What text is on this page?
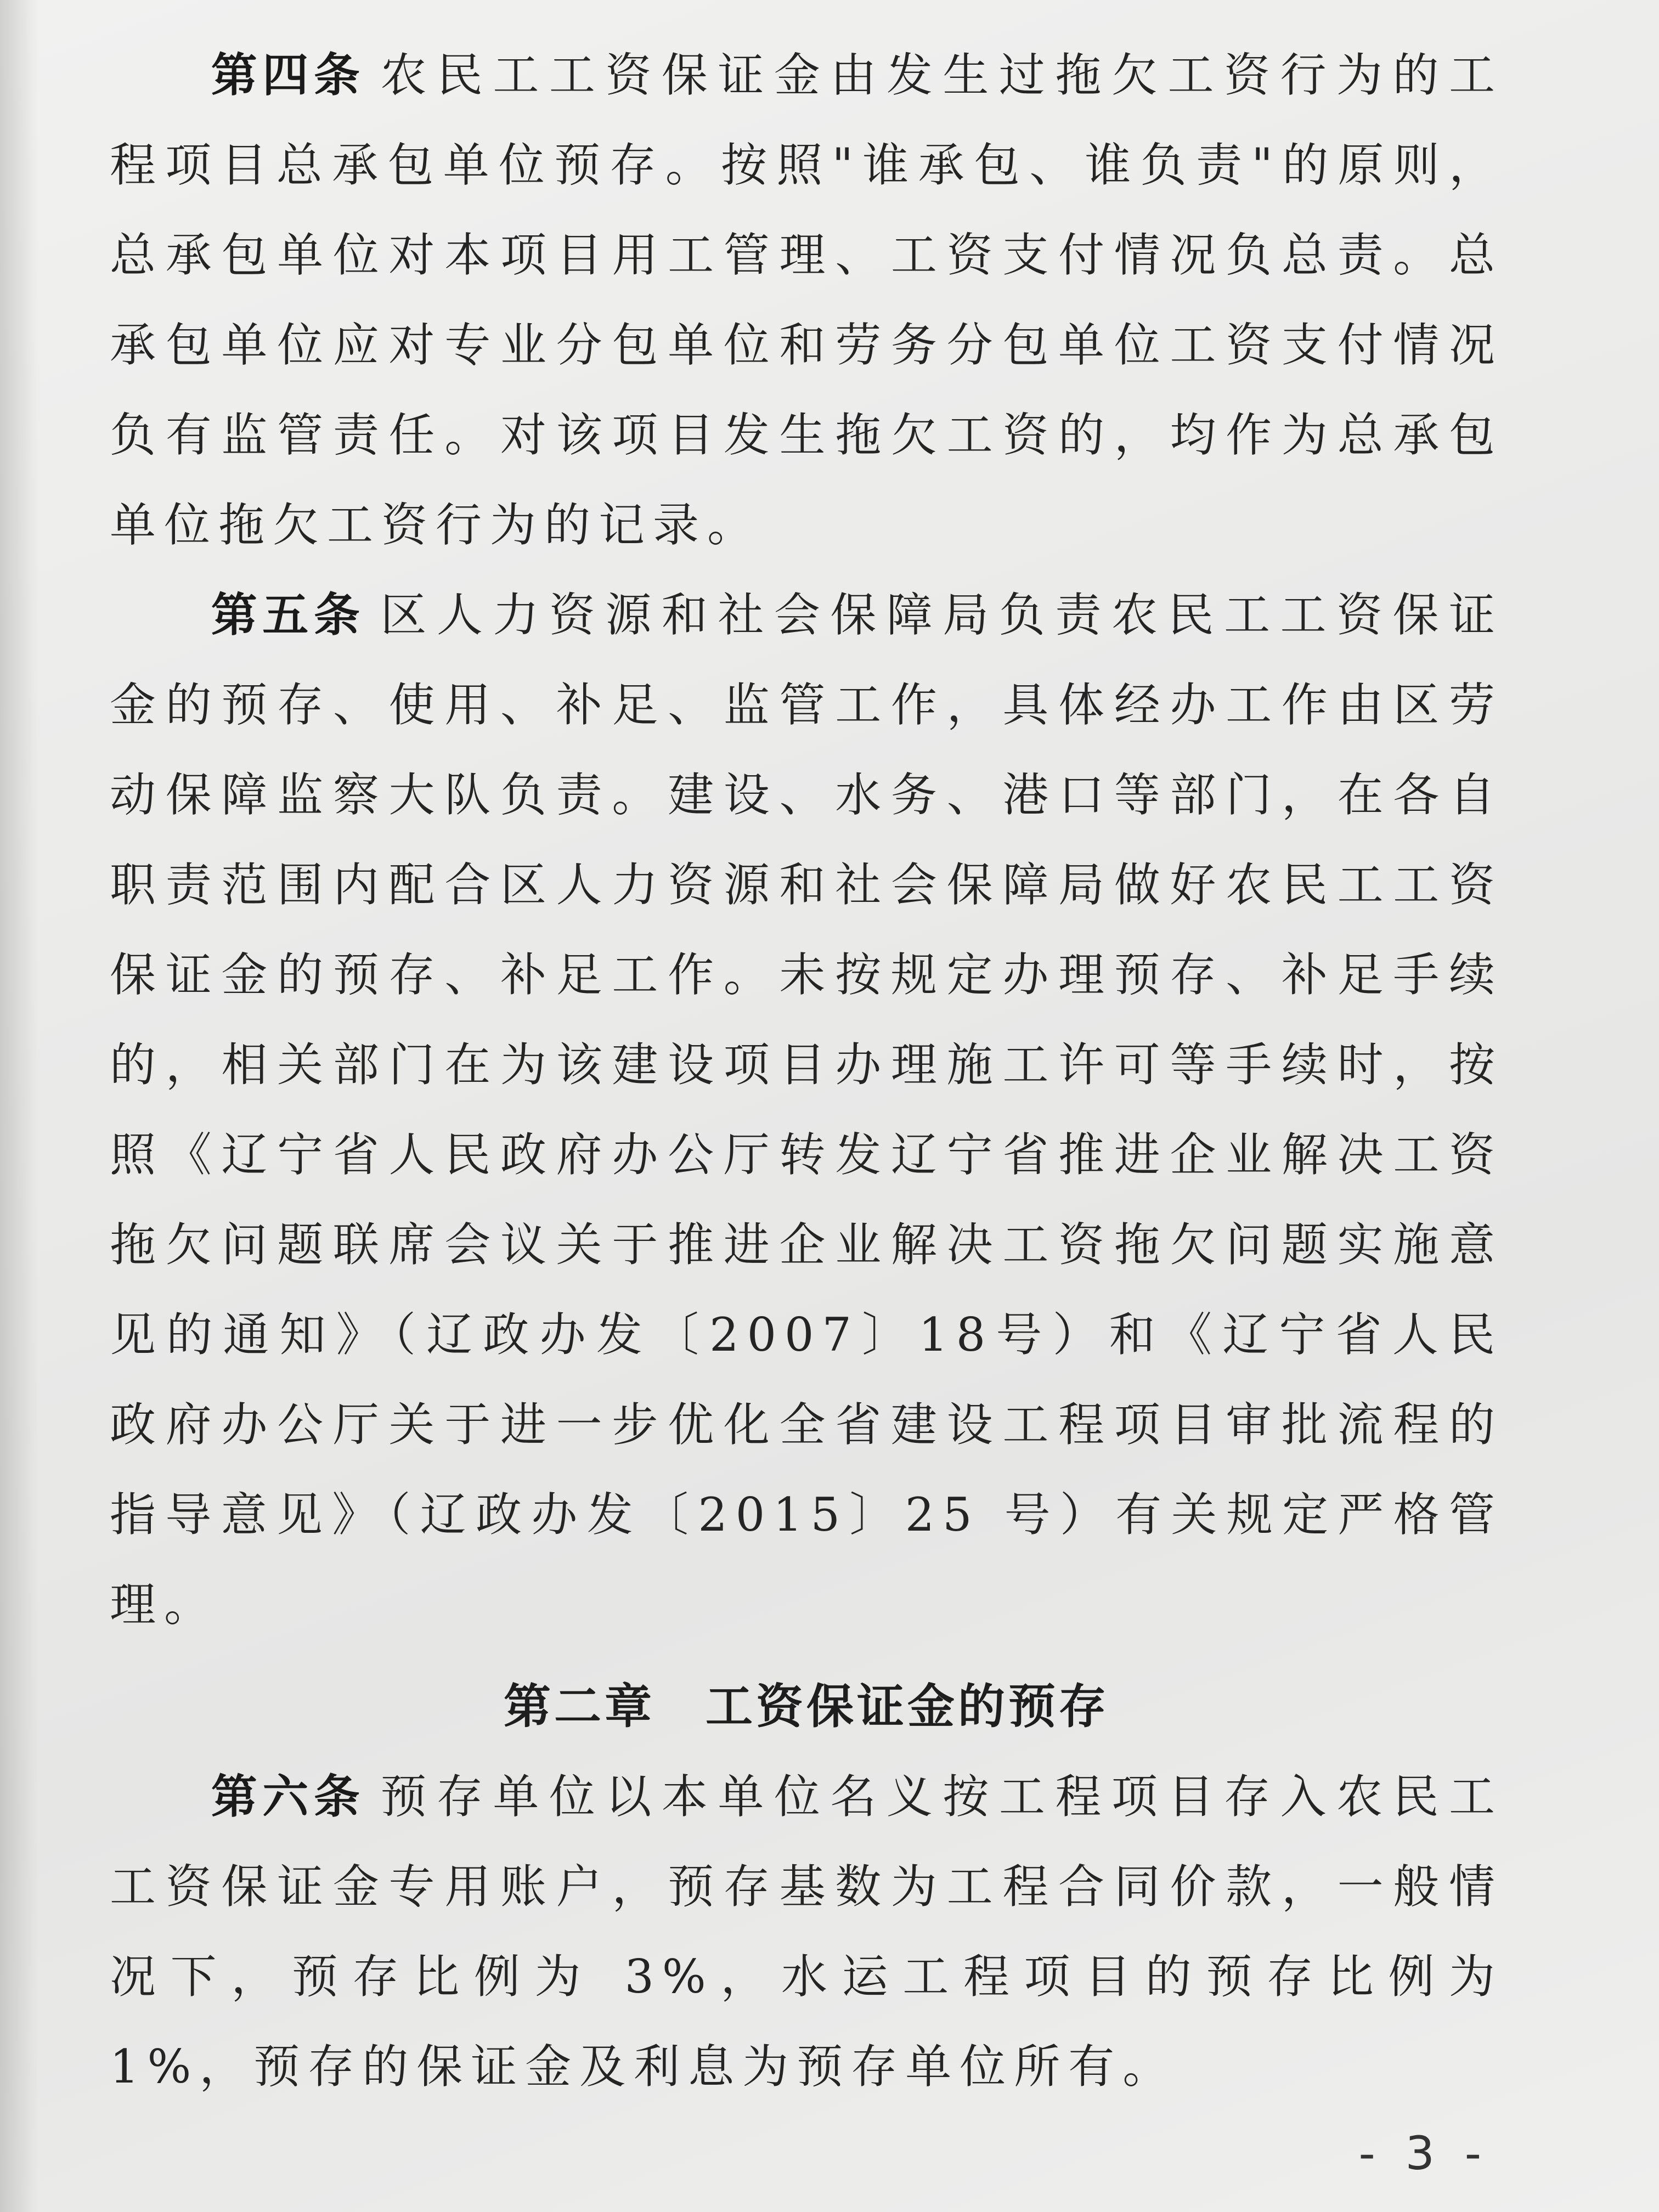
第四条 农民工工资保证金由发生过拖欠工资行为的工程项目总承包单位预存。按照"谁承包、谁负责"的原则，总承包单位对本项目用工管理、工资支付情况负总责。总承包单位应对专业分包单位和劳务分包单位工资支付情况负有监管责任。对该项目发生拖欠工资的，均作为总承包单位拖欠工资行为的记录。

第五条 区人力资源和社会保障局负责农民工工资保证金的预存、使用、补足、监管工作，具体经办工作由区劳动保障监察大队负责。建设、水务、港口等部门，在各自职责范围内配合区人力资源和社会保障局做好农民工工资保证金的预存、补足工作。未按规定办理预存、补足手续的，相关部门在为该建设项目办理施工许可等手续时，按照《辽宁省人民政府办公厅转发辽宁省推进企业解决工资拖欠问题联席会议关于推进企业解决工资拖欠问题实施意见的通知》（辽政办发〔2007〕18号）和《辽宁省人民政府办公厅关于进一步优化全省建设工程项目审批流程的指导意见》（辽政办发〔2015〕25 号）有关规定严格管理。

第二章　工资保证金的预存

第六条 预存单位以本单位名义按工程项目存入农民工工资保证金专用账户，预存基数为工程合同价款，一般情况下，预存比例为 3%，水运工程项目的预存比例为 1%，预存的保证金及利息为预存单位所有。

- 3 -
